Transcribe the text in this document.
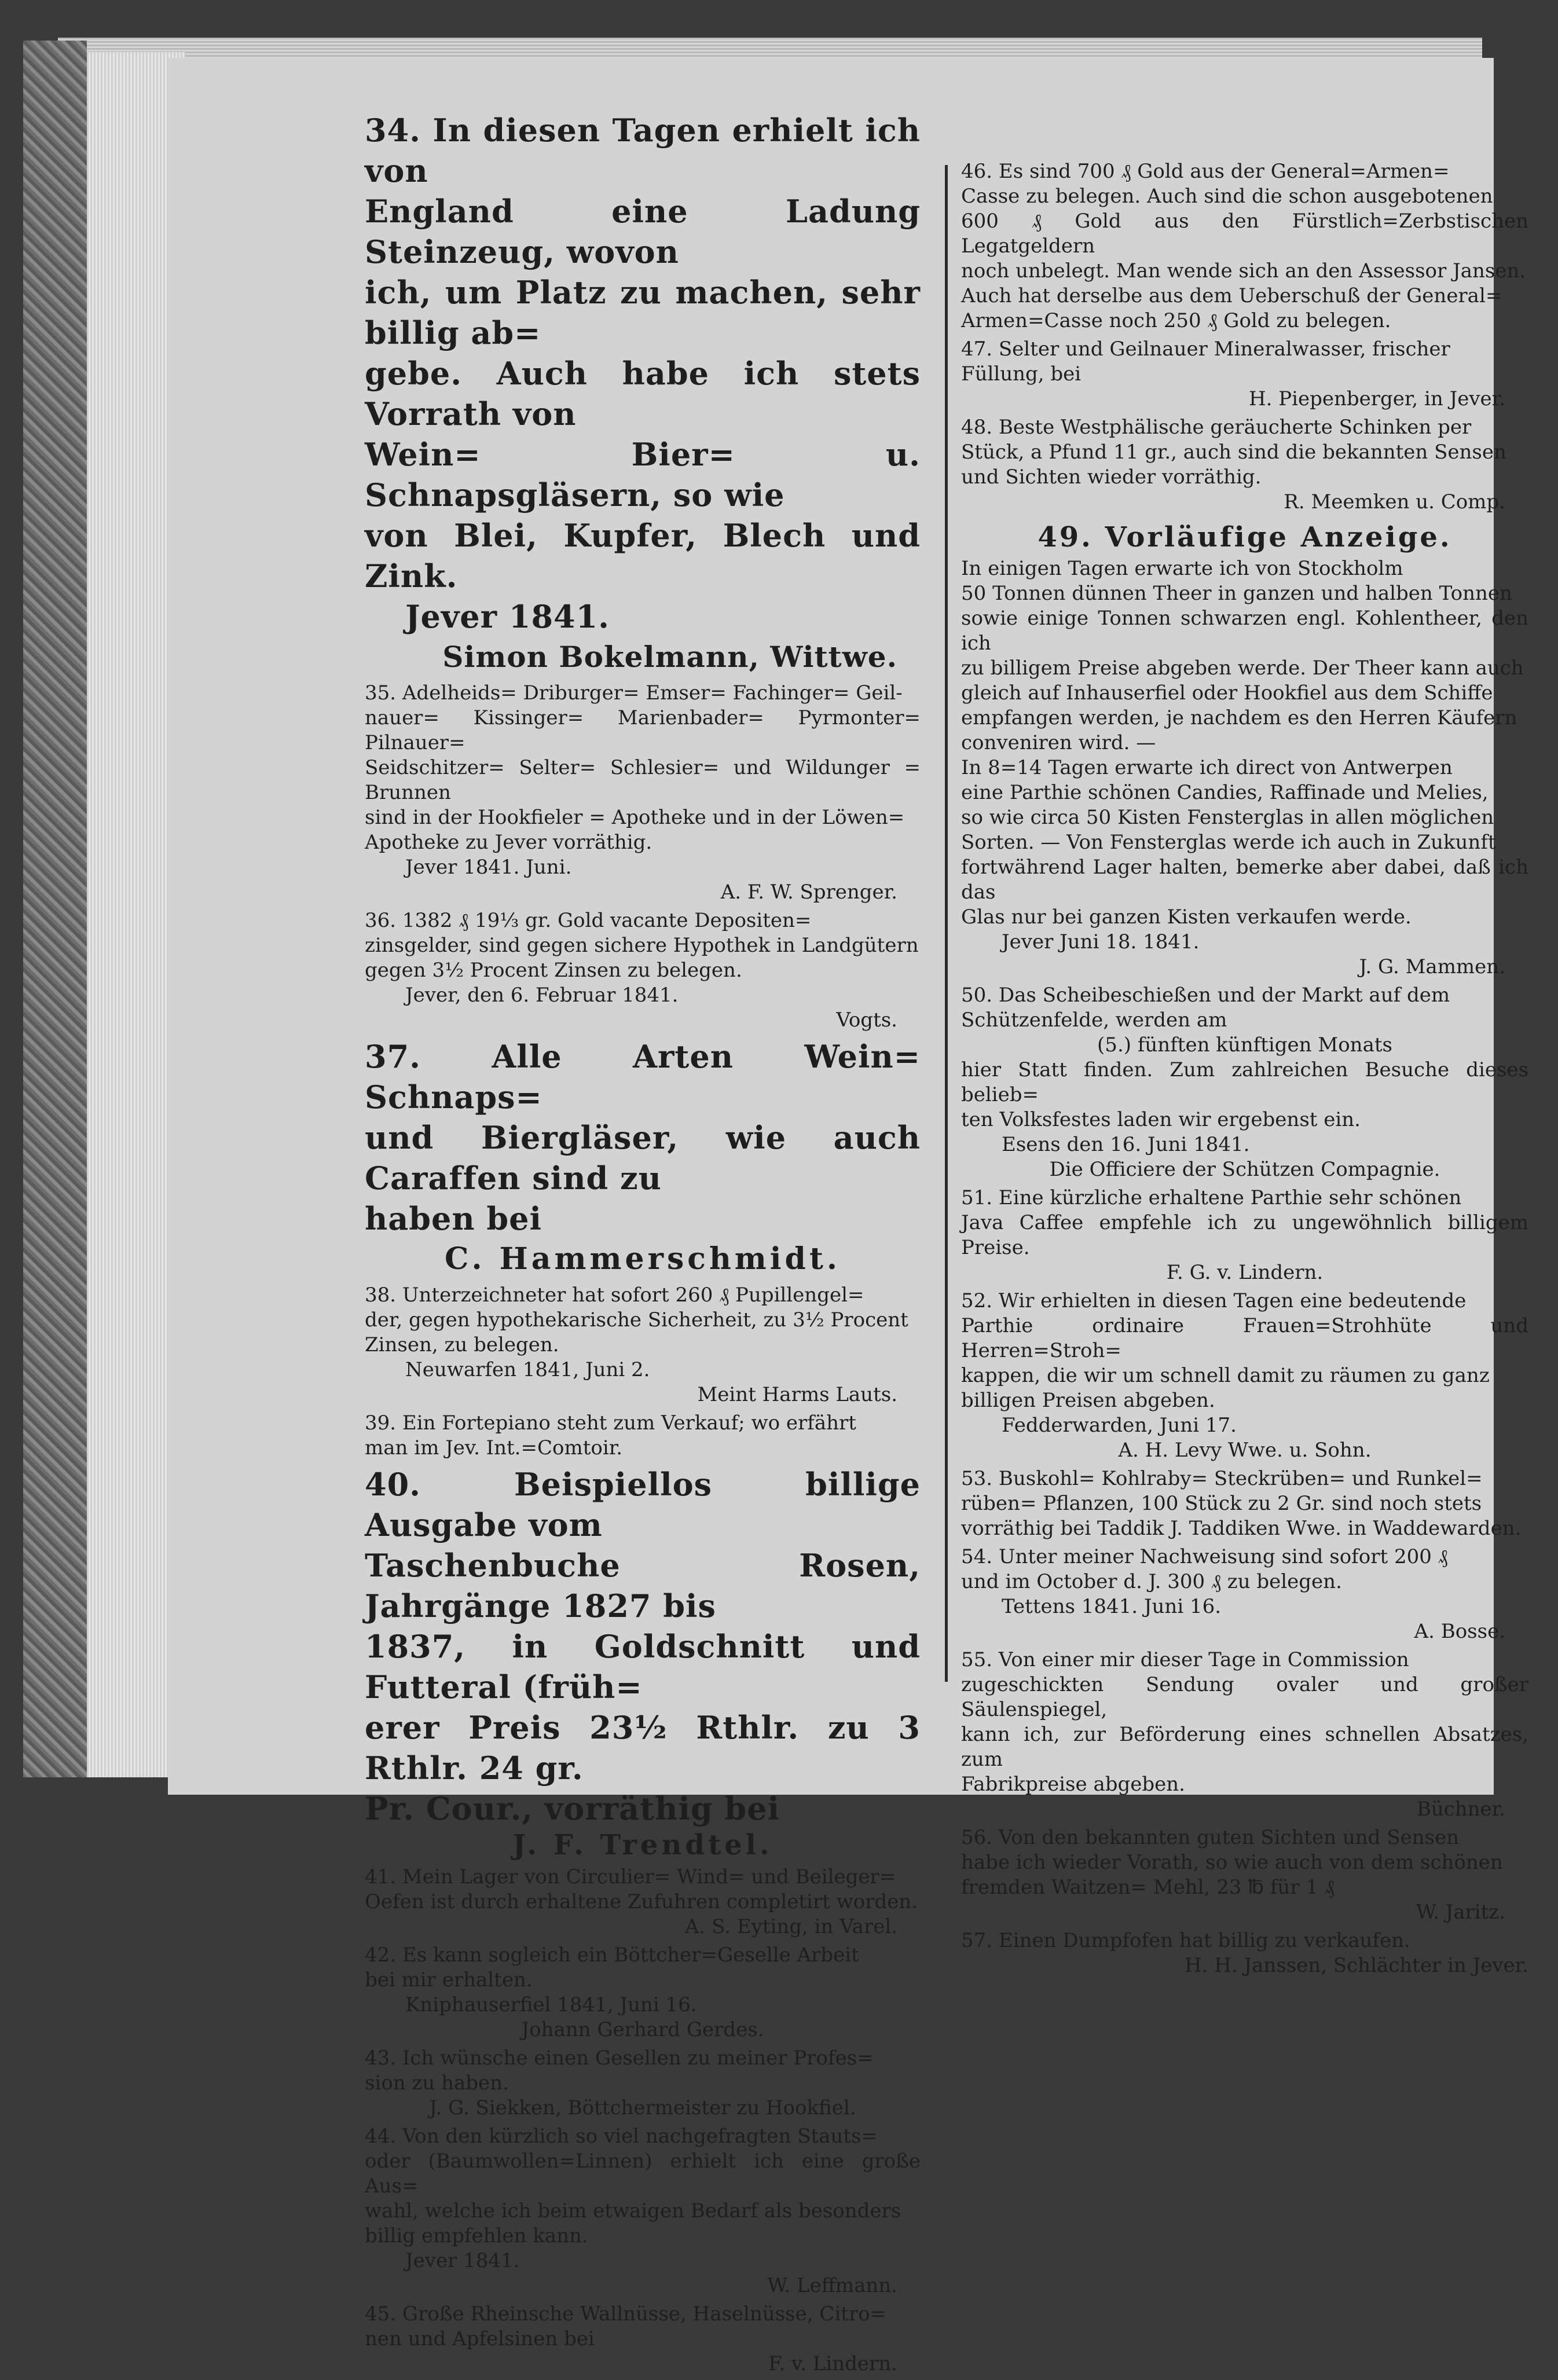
34. In diesen Tagen erhielt ich von
England eine Ladung Steinzeug, wovon
ich, um Platz zu machen, sehr billig ab=
gebe. Auch habe ich stets Vorrath von
Wein= Bier= u. Schnapsgläsern, so wie
von Blei, Kupfer, Blech und Zink.
Jever 1841.
Simon Bokelmann, Wittwe.
35. Adelheids= Driburger= Emser= Fachinger= Geil-
nauer= Kissinger= Marienbader= Pyrmonter= Pilnauer=
Seidschitzer= Selter= Schlesier= und Wildunger = Brunnen
sind in der Hookfieler = Apotheke und in der Löwen=
Apotheke zu Jever vorräthig.
Jever 1841. Juni.
A. F. W. Sprenger.
36. 1382 ₰ 19⅓ gr. Gold vacante Depositen=
zinsgelder, sind gegen sichere Hypothek in Landgütern
gegen 3½ Procent Zinsen zu belegen.
Jever, den 6. Februar 1841.
Vogts.
37. Alle Arten Wein= Schnaps=
und Biergläser, wie auch Caraffen sind zu
haben bei
C. Hammerschmidt.
38. Unterzeichneter hat sofort 260 ₰ Pupillengel=
der, gegen hypothekarische Sicherheit, zu 3½ Procent
Zinsen, zu belegen.
Neuwarfen 1841, Juni 2.
Meint Harms Lauts.
39. Ein Fortepiano steht zum Verkauf; wo erfährt
man im Jev. Int.=Comtoir.
40. Beispiellos billige Ausgabe vom
Taschenbuche Rosen, Jahrgänge 1827 bis
1837, in Goldschnitt und Futteral (früh=
erer Preis 23½ Rthlr. zu 3 Rthlr. 24 gr.
Pr. Cour., vorräthig bei
J. F. Trendtel.
41. Mein Lager von Circulier= Wind= und Beileger=
Oefen ist durch erhaltene Zufuhren completirt worden.
A. S. Eyting, in Varel.
42. Es kann sogleich ein Böttcher=Geselle Arbeit
bei mir erhalten.
Kniphauserfiel 1841, Juni 16.
Johann Gerhard Gerdes.
43. Ich wünsche einen Gesellen zu meiner Profes=
sion zu haben.
J. G. Siekken, Böttchermeister zu Hookfiel.
44. Von den kürzlich so viel nachgefragten Stauts=
oder (Baumwollen=Linnen) erhielt ich eine große Aus=
wahl, welche ich beim etwaigen Bedarf als besonders
billig empfehlen kann.
Jever 1841.
W. Leffmann.
45. Große Rheinsche Wallnüsse, Haselnüsse, Citro=
nen und Apfelsinen bei
F. v. Lindern.
46. Es sind 700 ₰ Gold aus der General=Armen=
Casse zu belegen. Auch sind die schon ausgebotenen
600 ₰ Gold aus den Fürstlich=Zerbstischen Legatgeldern
noch unbelegt. Man wende sich an den Assessor Jansen.
Auch hat derselbe aus dem Ueberschuß der General=
Armen=Casse noch 250 ₰ Gold zu belegen.
47. Selter und Geilnauer Mineralwasser, frischer
Füllung, bei
H. Piepenberger, in Jever.
48. Beste Westphälische geräucherte Schinken per
Stück, a Pfund 11 gr., auch sind die bekannten Sensen
und Sichten wieder vorräthig.
R. Meemken u. Comp.
49. Vorläufige Anzeige.
In einigen Tagen erwarte ich von Stockholm
50 Tonnen dünnen Theer in ganzen und halben Tonnen
sowie einige Tonnen schwarzen engl. Kohlentheer, den ich
zu billigem Preise abgeben werde. Der Theer kann auch
gleich auf Inhauserfiel oder Hookfiel aus dem Schiffe
empfangen werden, je nachdem es den Herren Käufern
conveniren wird. —
In 8=14 Tagen erwarte ich direct von Antwerpen
eine Parthie schönen Candies, Raffinade und Melies,
so wie circa 50 Kisten Fensterglas in allen möglichen
Sorten. — Von Fensterglas werde ich auch in Zukunft
fortwährend Lager halten, bemerke aber dabei, daß ich das
Glas nur bei ganzen Kisten verkaufen werde.
Jever Juni 18. 1841.
J. G. Mammen.
50. Das Scheibeschießen und der Markt auf dem
Schützenfelde, werden am
(5.) fünften künftigen Monats
hier Statt finden. Zum zahlreichen Besuche dieses belieb=
ten Volksfestes laden wir ergebenst ein.
Esens den 16. Juni 1841.
Die Officiere der Schützen Compagnie.
51. Eine kürzliche erhaltene Parthie sehr schönen
Java Caffee empfehle ich zu ungewöhnlich billigem Preise.
F. G. v. Lindern.
52. Wir erhielten in diesen Tagen eine bedeutende
Parthie ordinaire Frauen=Strohhüte und Herren=Stroh=
kappen, die wir um schnell damit zu räumen zu ganz
billigen Preisen abgeben.
Fedderwarden, Juni 17.
A. H. Levy Wwe. u. Sohn.
53. Buskohl= Kohlraby= Steckrüben= und Runkel=
rüben= Pflanzen, 100 Stück zu 2 Gr. sind noch stets
vorräthig bei Taddik J. Taddiken Wwe. in Waddewarden.
54. Unter meiner Nachweisung sind sofort 200 ₰
und im October d. J. 300 ₰ zu belegen.
Tettens 1841. Juni 16.
A. Bosse.
55. Von einer mir dieser Tage in Commission
zugeschickten Sendung ovaler und großer Säulenspiegel,
kann ich, zur Beförderung eines schnellen Absatzes, zum
Fabrikpreise abgeben.
Büchner.
56. Von den bekannten guten Sichten und Sensen
habe ich wieder Vorath, so wie auch von dem schönen
fremden Waitzen= Mehl, 23 ℔ für 1 ₰
W. Jaritz.
57. Einen Dumpfofen hat billig zu verkaufen.
H. H. Janssen, Schlächter in Jever.
